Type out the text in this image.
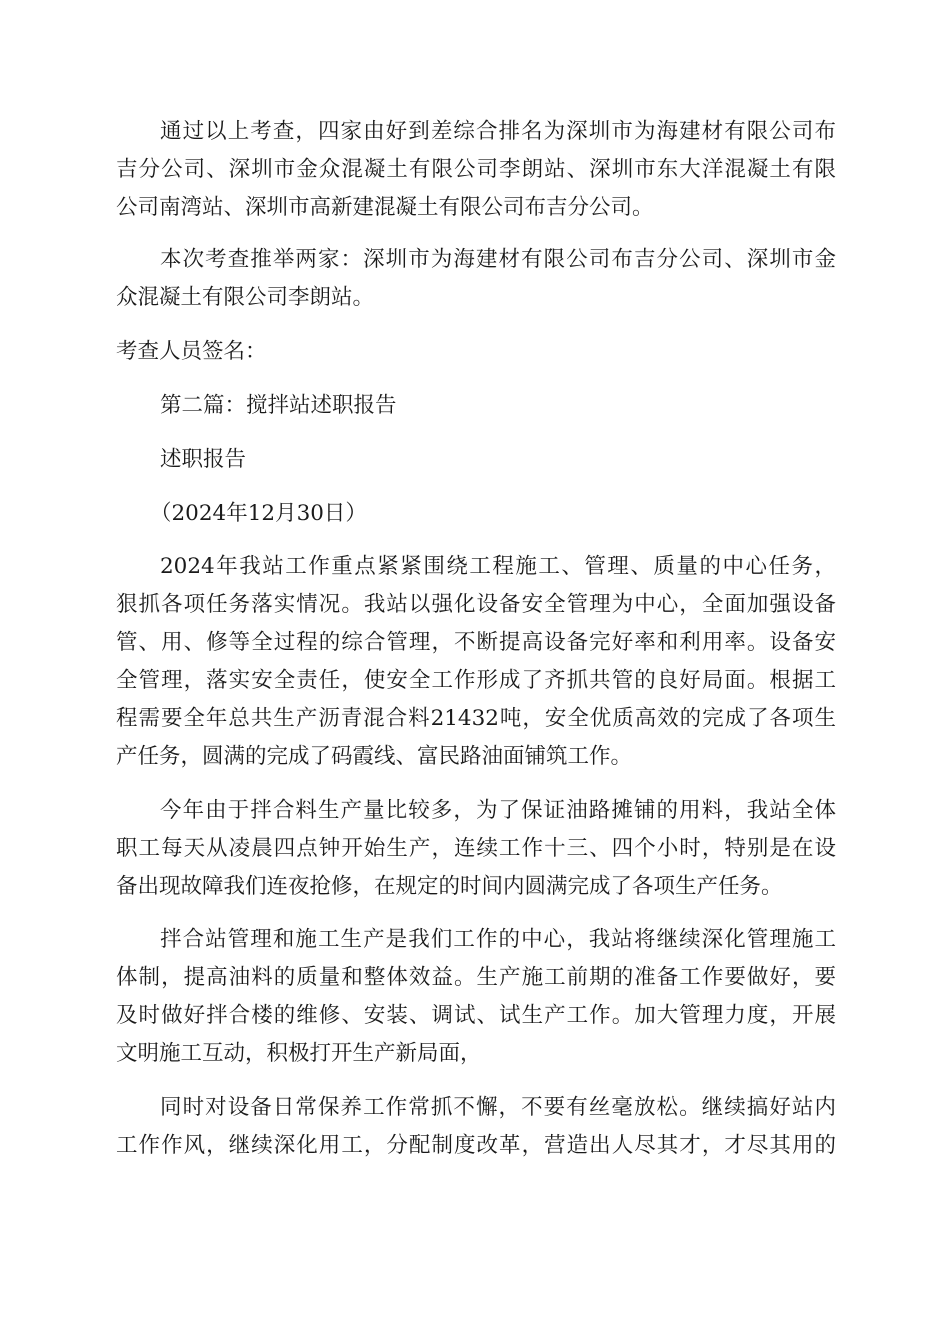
通过以上考查，四家由好到差综合排名为深圳市为海建材有限公司布
吉分公司、深圳市金众混凝土有限公司李朗站、深圳市东大洋混凝土有限
公司南湾站、深圳市高新建混凝土有限公司布吉分公司。
本次考查推举两家：深圳市为海建材有限公司布吉分公司、深圳市金
众混凝土有限公司李朗站。
考查人员签名：
第二篇：搅拌站述职报告
述职报告
（2024年12月30日）
2024年我站工作重点紧紧围绕工程施工、管理、质量的中心任务，
狠抓各项任务落实情况。我站以强化设备安全管理为中心，全面加强设备
管、用、修等全过程的综合管理，不断提高设备完好率和利用率。设备安
全管理，落实安全责任，使安全工作形成了齐抓共管的良好局面。根据工
程需要全年总共生产沥青混合料21432吨，安全优质高效的完成了各项生
产任务，圆满的完成了码霞线、富民路油面铺筑工作。
今年由于拌合料生产量比较多，为了保证油路摊铺的用料，我站全体
职工每天从凌晨四点钟开始生产，连续工作十三、四个小时，特别是在设
备出现故障我们连夜抢修，在规定的时间内圆满完成了各项生产任务。
拌合站管理和施工生产是我们工作的中心，我站将继续深化管理施工
体制，提高油料的质量和整体效益。生产施工前期的准备工作要做好，要
及时做好拌合楼的维修、安装、调试、试生产工作。加大管理力度，开展
文明施工互动，积极打开生产新局面，
同时对设备日常保养工作常抓不懈，不要有丝毫放松。继续搞好站内
工作作风，继续深化用工，分配制度改革，营造出人尽其才，才尽其用的
